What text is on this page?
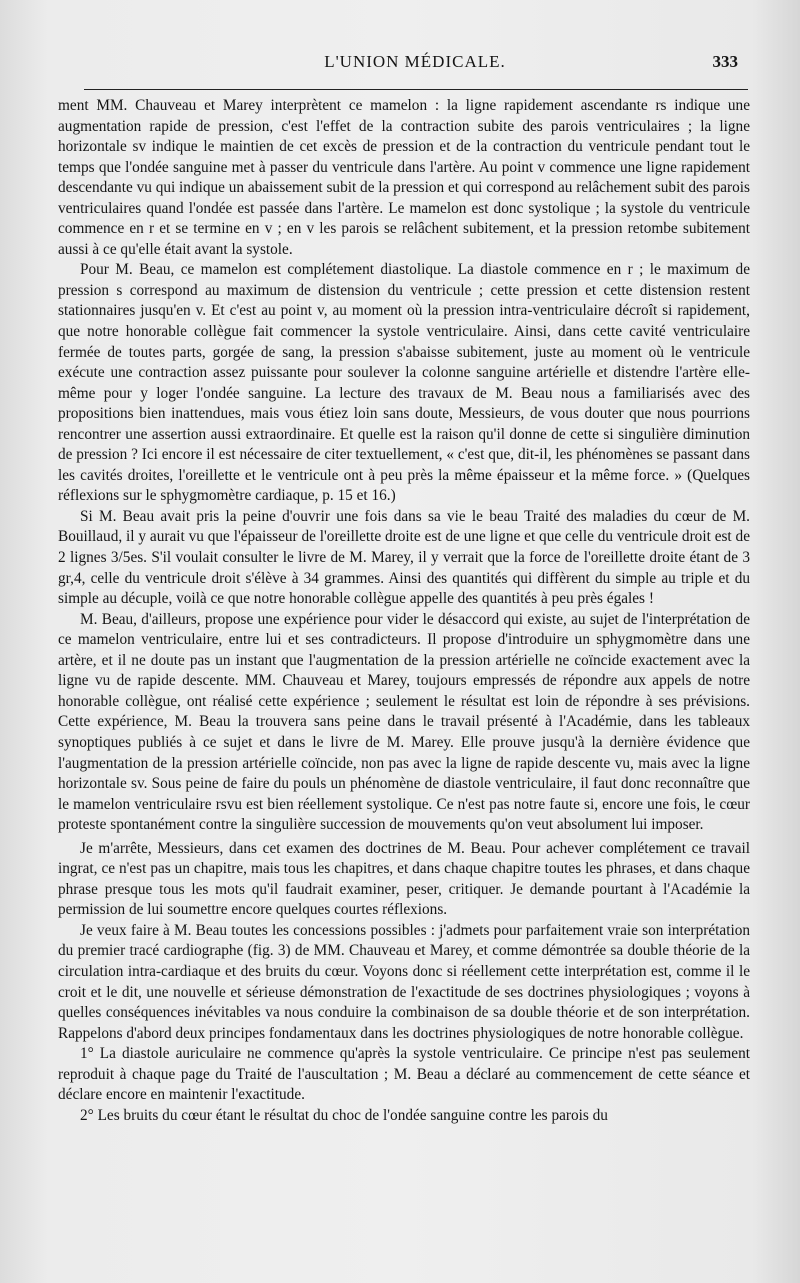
L'UNION MÉDICALE.	333

ment MM. Chauveau et Marey interprètent ce mamelon : la ligne rapidement ascendante rs indique une augmentation rapide de pression, c'est l'effet de la contraction subite des parois ventriculaires ; la ligne horizontale sv indique le maintien de cet excès de pression et de la contraction du ventricule pendant tout le temps que l'ondée sanguine met à passer du ventricule dans l'artère. Au point v commence une ligne rapidement descendante vu qui indique un abaissement subit de la pression et qui correspond au relâchement subit des parois ventriculaires quand l'ondée est passée dans l'artère. Le mamelon est donc systolique ; la systole du ventricule commence en r et se termine en v ; en v les parois se relâchent subitement, et la pression retombe subitement aussi à ce qu'elle était avant la systole.

Pour M. Beau, ce mamelon est complétement diastolique. La diastole commence en r ; le maximum de pression s correspond au maximum de distension du ventricule ; cette pression et cette distension restent stationnaires jusqu'en v. Et c'est au point v, au moment où la pression intra-ventriculaire décroît si rapidement, que notre honorable collègue fait commencer la systole ventriculaire. Ainsi, dans cette cavité ventriculaire fermée de toutes parts, gorgée de sang, la pression s'abaisse subitement, juste au moment où le ventricule exécute une contraction assez puissante pour soulever la colonne sanguine artérielle et distendre l'artère elle-même pour y loger l'ondée sanguine. La lecture des travaux de M. Beau nous a familiarisés avec des propositions bien inattendues, mais vous étiez loin sans doute, Messieurs, de vous douter que nous pourrions rencontrer une assertion aussi extraordinaire. Et quelle est la raison qu'il donne de cette si singulière diminution de pression ? Ici encore il est nécessaire de citer textuellement, « c'est que, dit-il, les phénomènes se passant dans les cavités droites, l'oreillette et le ventricule ont à peu près la même épaisseur et la même force. » (Quelques réflexions sur le sphygmomètre cardiaque, p. 15 et 16.)

Si M. Beau avait pris la peine d'ouvrir une fois dans sa vie le beau Traité des maladies du cœur de M. Bouillaud, il y aurait vu que l'épaisseur de l'oreillette droite est de une ligne et que celle du ventricule droit est de 2 lignes 3/5es. S'il voulait consulter le livre de M. Marey, il y verrait que la force de l'oreillette droite étant de 3 gr,4, celle du ventricule droit s'élève à 34 grammes. Ainsi des quantités qui diffèrent du simple au triple et du simple au décuple, voilà ce que notre honorable collègue appelle des quantités à peu près égales !

M. Beau, d'ailleurs, propose une expérience pour vider le désaccord qui existe, au sujet de l'interprétation de ce mamelon ventriculaire, entre lui et ses contradicteurs. Il propose d'introduire un sphygmomètre dans une artère, et il ne doute pas un instant que l'augmentation de la pression artérielle ne coïncide exactement avec la ligne vu de rapide descente. MM. Chauveau et Marey, toujours empressés de répondre aux appels de notre honorable collègue, ont réalisé cette expérience ; seulement le résultat est loin de répondre à ses prévisions. Cette expérience, M. Beau la trouvera sans peine dans le travail présenté à l'Académie, dans les tableaux synoptiques publiés à ce sujet et dans le livre de M. Marey. Elle prouve jusqu'à la dernière évidence que l'augmentation de la pression artérielle coïncide, non pas avec la ligne de rapide descente vu, mais avec la ligne horizontale sv. Sous peine de faire du pouls un phénomène de diastole ventriculaire, il faut donc reconnaître que le mamelon ventriculaire rsvu est bien réellement systolique. Ce n'est pas notre faute si, encore une fois, le cœur proteste spontanément contre la singulière succession de mouvements qu'on veut absolument lui imposer.

Je m'arrête, Messieurs, dans cet examen des doctrines de M. Beau. Pour achever complétement ce travail ingrat, ce n'est pas un chapitre, mais tous les chapitres, et dans chaque chapitre toutes les phrases, et dans chaque phrase presque tous les mots qu'il faudrait examiner, peser, critiquer. Je demande pourtant à l'Académie la permission de lui soumettre encore quelques courtes réflexions.

Je veux faire à M. Beau toutes les concessions possibles : j'admets pour parfaitement vraie son interprétation du premier tracé cardiographe (fig. 3) de MM. Chauveau et Marey, et comme démontrée sa double théorie de la circulation intra-cardiaque et des bruits du cœur. Voyons donc si réellement cette interprétation est, comme il le croit et le dit, une nouvelle et sérieuse démonstration de l'exactitude de ses doctrines physiologiques ; voyons à quelles conséquences inévitables va nous conduire la combinaison de sa double théorie et de son interprétation. Rappelons d'abord deux principes fondamentaux dans les doctrines physiologiques de notre honorable collègue.

1° La diastole auriculaire ne commence qu'après la systole ventriculaire. Ce principe n'est pas seulement reproduit à chaque page du Traité de l'auscultation ; M. Beau a déclaré au commencement de cette séance et déclare encore en maintenir l'exactitude.

2° Les bruits du cœur étant le résultat du choc de l'ondée sanguine contre les parois du
